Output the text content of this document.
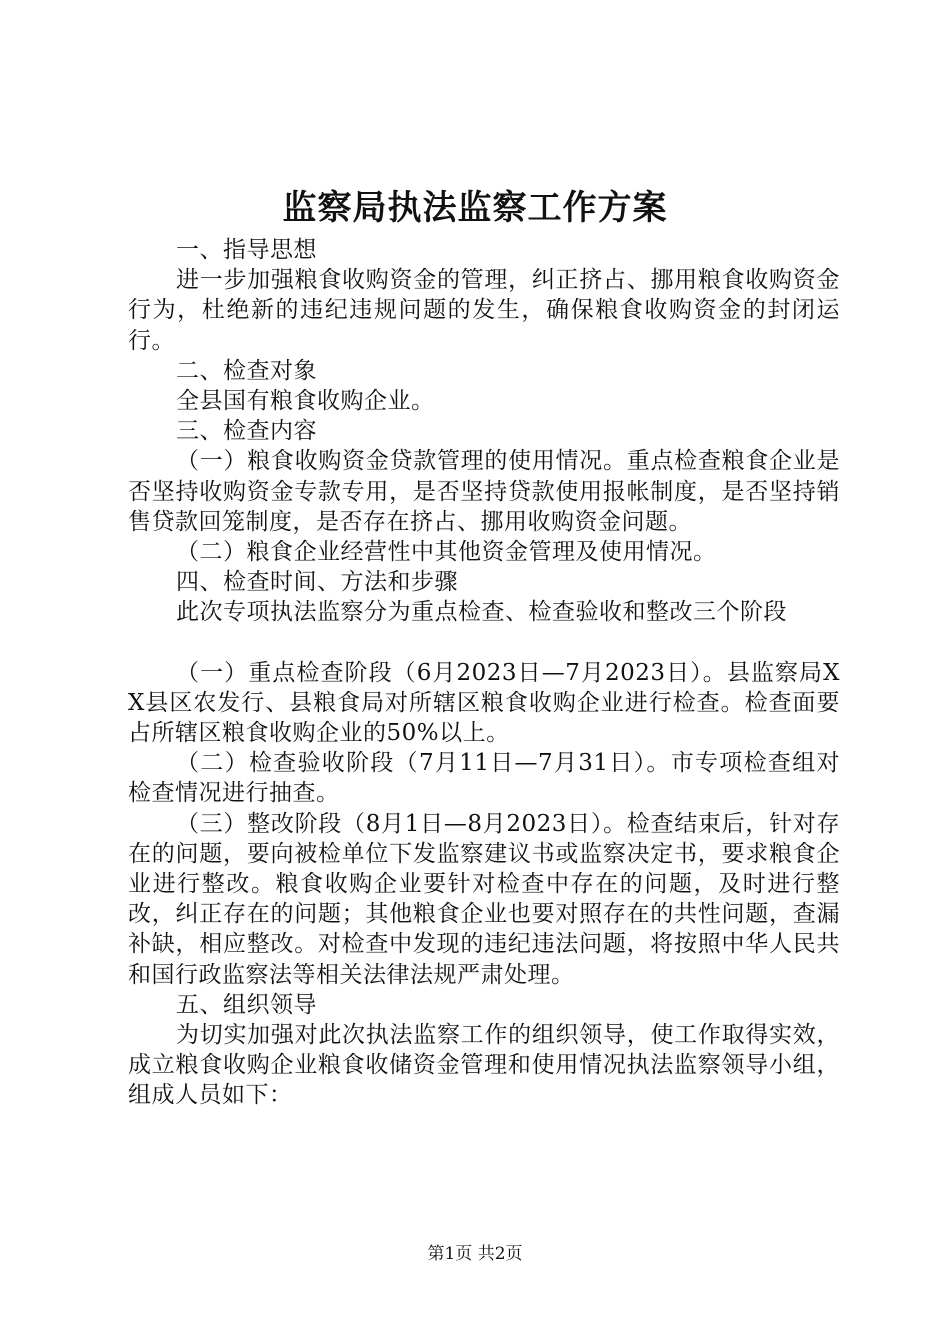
监察局执法监察工作方案

一、指导思想

进一步加强粮食收购资金的管理，纠正挤占、挪用粮食收购资金行为，杜绝新的违纪违规问题的发生，确保粮食收购资金的封闭运行。

二、检查对象

全县国有粮食收购企业。

三、检查内容

（一）粮食收购资金贷款管理的使用情况。重点检查粮食企业是否坚持收购资金专款专用，是否坚持贷款使用报帐制度，是否坚持销售贷款回笼制度，是否存在挤占、挪用收购资金问题。

（二）粮食企业经营性中其他资金管理及使用情况。

四、检查时间、方法和步骤

此次专项执法监察分为重点检查、检查验收和整改三个阶段

（一）重点检查阶段（6月2023日—7月2023日）。县监察局XX县区农发行、县粮食局对所辖区粮食收购企业进行检查。检查面要占所辖区粮食收购企业的50%以上。

（二）检查验收阶段（7月11日—7月31日）。市专项检查组对检查情况进行抽查。

（三）整改阶段（8月1日—8月2023日）。检查结束后，针对存在的问题，要向被检单位下发监察建议书或监察决定书，要求粮食企业进行整改。粮食收购企业要针对检查中存在的问题，及时进行整改，纠正存在的问题；其他粮食企业也要对照存在的共性问题，查漏补缺，相应整改。对检查中发现的违纪违法问题，将按照中华人民共和国行政监察法等相关法律法规严肃处理。

五、组织领导

为切实加强对此次执法监察工作的组织领导，使工作取得实效，成立粮食收购企业粮食收储资金管理和使用情况执法监察领导小组，组成人员如下：

第1页 共2页
